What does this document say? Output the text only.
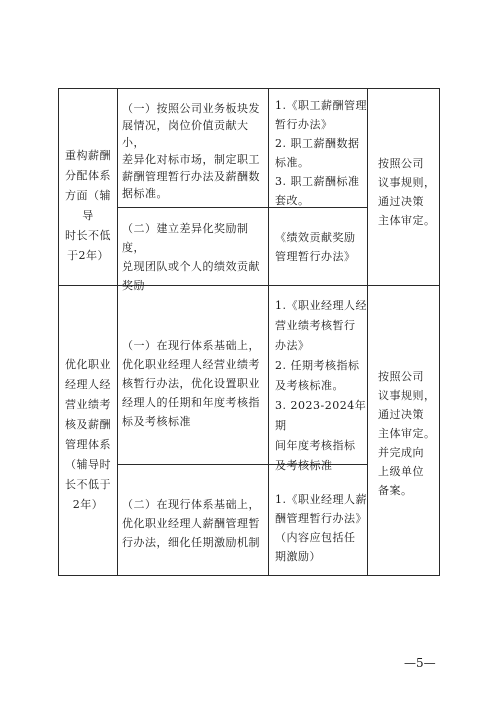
重构薪酬
分配体系
方面（辅导
时长不低
于2年）
（一）按照公司业务板块发
展情况，岗位价值贡献大小，
差异化对标市场，制定职工
薪酬管理暂行办法及薪酬数
据标准。
1.《职工薪酬管理
暂行办法》
2. 职工薪酬数据
标准。
3. 职工薪酬标准
套改。
（二）建立差异化奖励制度，
兑现团队或个人的绩效贡献
奖励
《绩效贡献奖励
管理暂行办法》
按照公司
议事规则，
通过决策
主体审定。
优化职业
经理人经
营业绩考
核及薪酬
管理体系
（辅导时
长不低于
2年）
（一）在现行体系基础上，
优化职业经理人经营业绩考
核暂行办法，优化设置职业
经理人的任期和年度考核指
标及考核标准
1.《职业经理人经
营业绩考核暂行
办法》
2. 任期考核指标
及考核标准。
3. 2023-2024年期
间年度考核指标
及考核标准
（二）在现行体系基础上，
优化职业经理人薪酬管理暂
行办法，细化任期激励机制
1.《职业经理人薪
酬管理暂行办法》
（内容应包括任
期激励）
按照公司
议事规则，
通过决策
主体审定。
并完成向
上级单位
备案。
—5—
